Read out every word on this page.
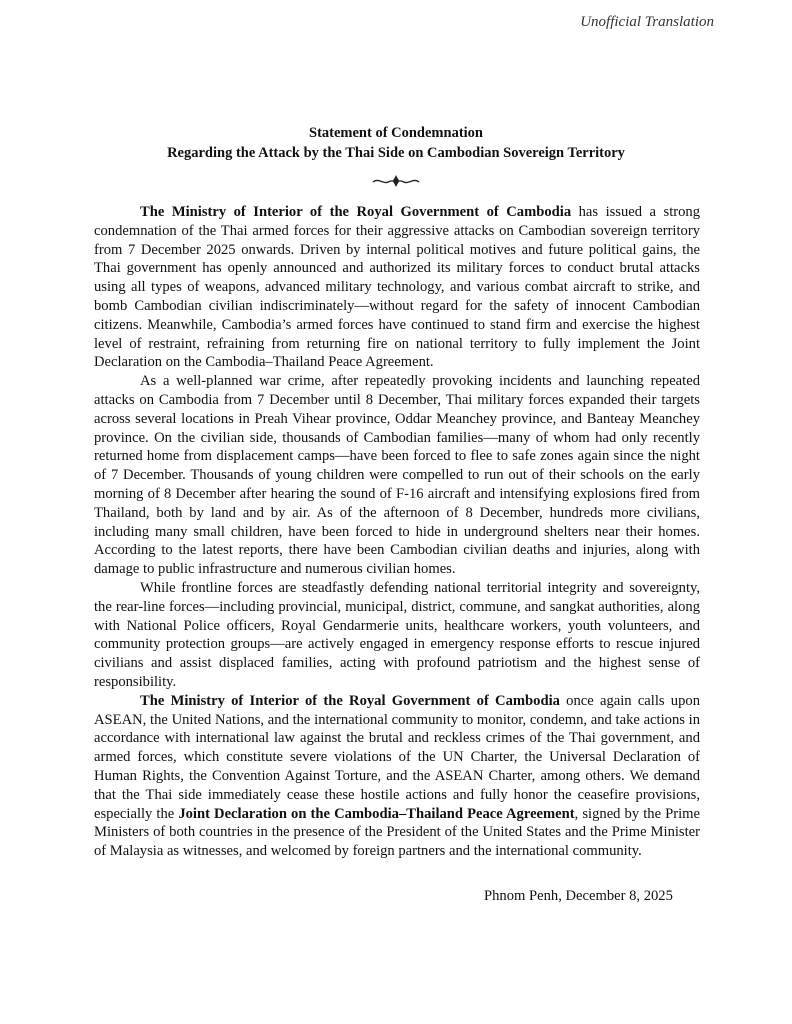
Unofficial Translation
Statement of Condemnation
Regarding the Attack by the Thai Side on Cambodian Sovereign Territory

The Ministry of Interior of the Royal Government of Cambodia has issued a strong condemnation of the Thai armed forces for their aggressive attacks on Cambodian sovereign territory from 7 December 2025 onwards. Driven by internal political motives and future political gains, the Thai government has openly announced and authorized its military forces to conduct brutal attacks using all types of weapons, advanced military technology, and various combat aircraft to strike, and bomb Cambodian civilian indiscriminately—without regard for the safety of innocent Cambodian citizens. Meanwhile, Cambodia’s armed forces have continued to stand firm and exercise the highest level of restraint, refraining from returning fire on national territory to fully implement the Joint Declaration on the Cambodia–Thailand Peace Agreement.

As a well-planned war crime, after repeatedly provoking incidents and launching repeated attacks on Cambodia from 7 December until 8 December, Thai military forces expanded their targets across several locations in Preah Vihear province, Oddar Meanchey province, and Banteay Meanchey province. On the civilian side, thousands of Cambodian families—many of whom had only recently returned home from displacement camps—have been forced to flee to safe zones again since the night of 7 December. Thousands of young children were compelled to run out of their schools on the early morning of 8 December after hearing the sound of F-16 aircraft and intensifying explosions fired from Thailand, both by land and by air. As of the afternoon of 8 December, hundreds more civilians, including many small children, have been forced to hide in underground shelters near their homes. According to the latest reports, there have been Cambodian civilian deaths and injuries, along with damage to public infrastructure and numerous civilian homes.

While frontline forces are steadfastly defending national territorial integrity and sovereignty, the rear-line forces—including provincial, municipal, district, commune, and sangkat authorities, along with National Police officers, Royal Gendarmerie units, healthcare workers, youth volunteers, and community protection groups—are actively engaged in emergency response efforts to rescue injured civilians and assist displaced families, acting with profound patriotism and the highest sense of responsibility.

The Ministry of Interior of the Royal Government of Cambodia once again calls upon ASEAN, the United Nations, and the international community to monitor, condemn, and take actions in accordance with international law against the brutal and reckless crimes of the Thai government, and armed forces, which constitute severe violations of the UN Charter, the Universal Declaration of Human Rights, the Convention Against Torture, and the ASEAN Charter, among others. We demand that the Thai side immediately cease these hostile actions and fully honor the ceasefire provisions, especially the Joint Declaration on the Cambodia–Thailand Peace Agreement, signed by the Prime Ministers of both countries in the presence of the President of the United States and the Prime Minister of Malaysia as witnesses, and welcomed by foreign partners and the international community.

Phnom Penh, December 8, 2025
